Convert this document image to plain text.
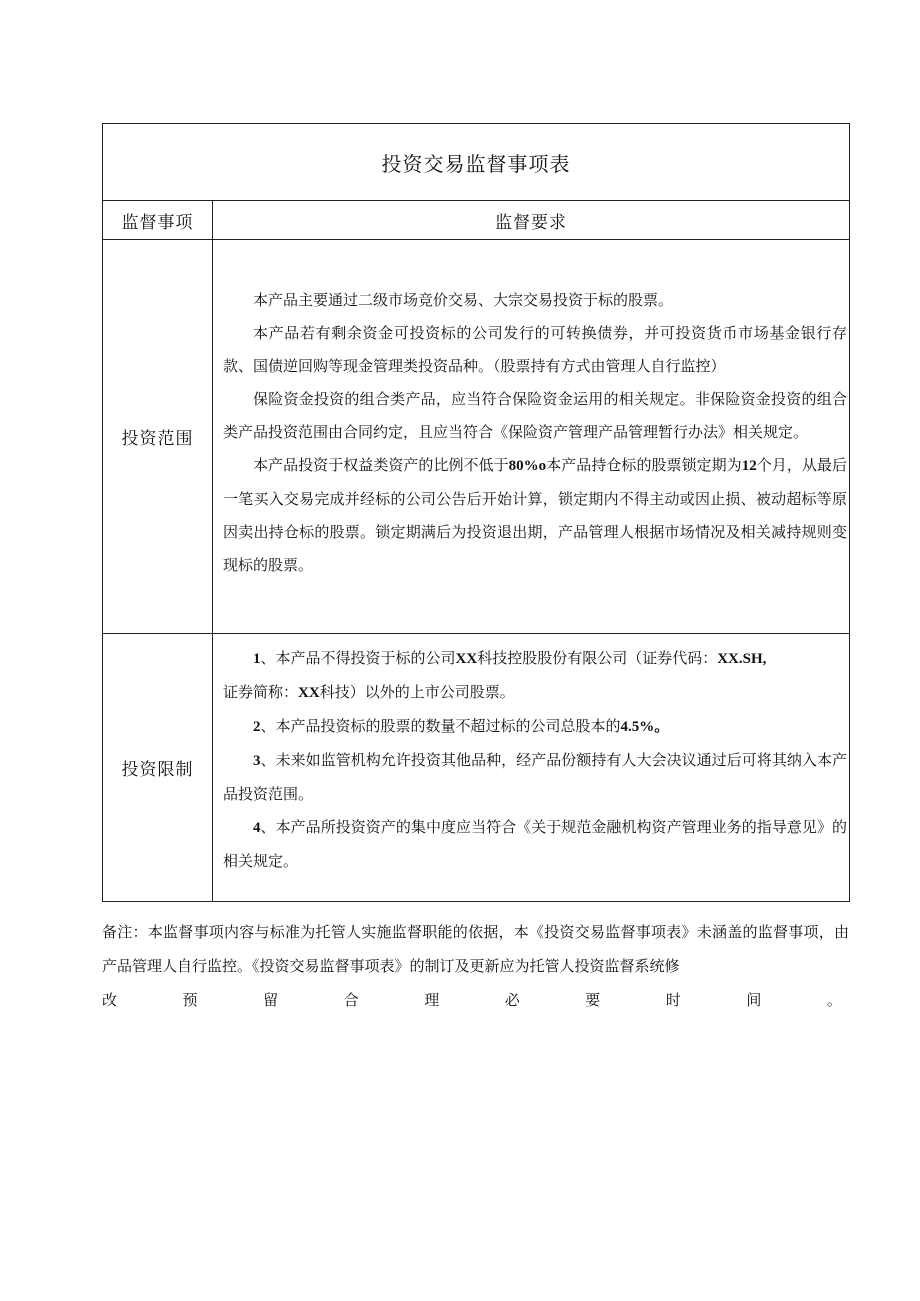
投资交易监督事项表	
监督事项	监督要求
投资范围	本产品主要通过二级市场竞价交易、大宗交易投资于标的股票。

本产品若有剩余资金可投资标的公司发行的可转换债券，并可投资货币市场基金银行存款、国债逆回购等现金管理类投资品种。（股票持有方式由管理人自行监控）

保险资金投资的组合类产品，应当符合保险资金运用的相关规定。非保险资金投资的组合类产品投资范围由合同约定，且应当符合《保险资产管理产品管理暂行办法》相关规定。

本产品投资于权益类资产的比例不低于80%o本产品持仓标的股票锁定期为12个月，从最后一笔买入交易完成并经标的公司公告后开始计算，锁定期内不得主动或因止损、被动超标等原因卖出持仓标的股票。锁定期满后为投资退出期，产品管理人根据市场情况及相关减持规则变现标的股票。

投资限制	1、本产品不得投资于标的公司XX科技控股股份有限公司（证券代码：XX.SH,
证券简称：XX科技）以外的上市公司股票。

2、本产品投资标的股票的数量不超过标的公司总股本的4.5%。

3、未来如监管机构允许投资其他品种，经产品份额持有人大会决议通过后可将其纳入本产品投资范围。

4、本产品所投资资产的集中度应当符合《关于规范金融机构资产管理业务的指导意见》的相关规定。

备注：本监督事项内容与标准为托管人实施监督职能的依据，本《投资交易监督事项表》未涵盖的监督事项，由产品管理人自行监控。《投资交易监督事项表》的制订及更新应为托管人投资监督系统修

改	预	留	合	理	必	要	时	间	。
